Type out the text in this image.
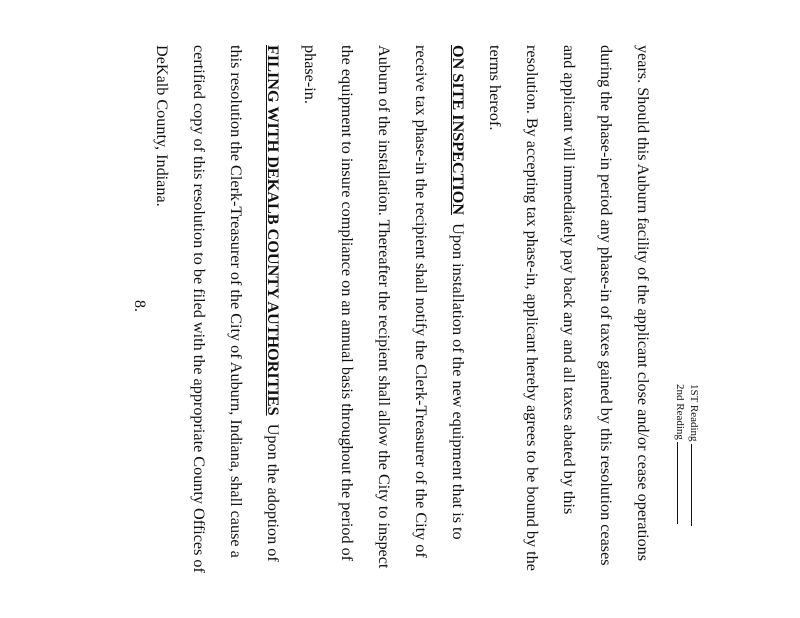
1ST Reading
2nd Reading
years. Should this Auburn facility of the applicant close and/or cease operations
during the phase-in period any phase-in of taxes gained by this resolution ceases
and applicant will immediately pay back any and all taxes abated by this
resolution. By accepting tax phase-in, applicant hereby agrees to be bound by the
terms hereof.
ON SITE INSPECTION  Upon installation of the new equipment that is to
receive tax phase-in the recipient shall notify the Clerk-Treasurer of the City of
Auburn of the installation. Thereafter the recipient shall allow the City to inspect
the equipment to insure compliance on an annual basis throughout the period of
phase-in.
FILING WITH DEKALB COUNTY AUTHORITIES  Upon the adoption of
this resolution the Clerk-Treasurer of the City of Auburn, Indiana, shall cause a
certified copy of this resolution to be filed with the appropriate County Offices of
DeKalb County, Indiana.
8.
